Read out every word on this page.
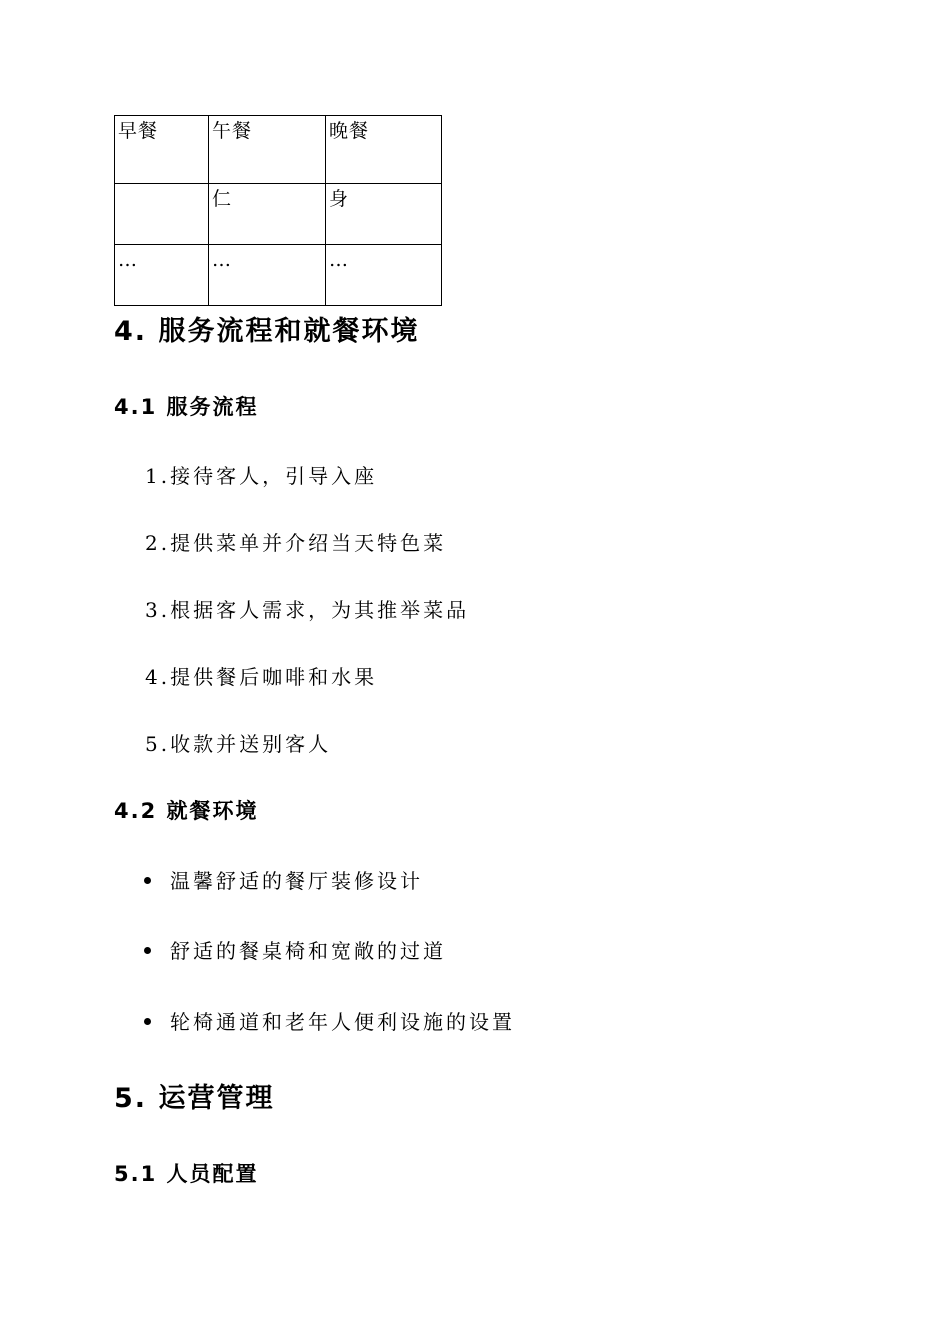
早餐	午餐	晚餐
	仁	身
…	…	…
4. 服务流程和就餐环境
4.1 服务流程
1.接待客人，引导入座
2.提供菜单并介绍当天特色菜
3.根据客人需求，为其推举菜品
4.提供餐后咖啡和水果
5.收款并送别客人
4.2 就餐环境
温馨舒适的餐厅装修设计
舒适的餐桌椅和宽敞的过道
轮椅通道和老年人便利设施的设置
5. 运营管理
5.1 人员配置
